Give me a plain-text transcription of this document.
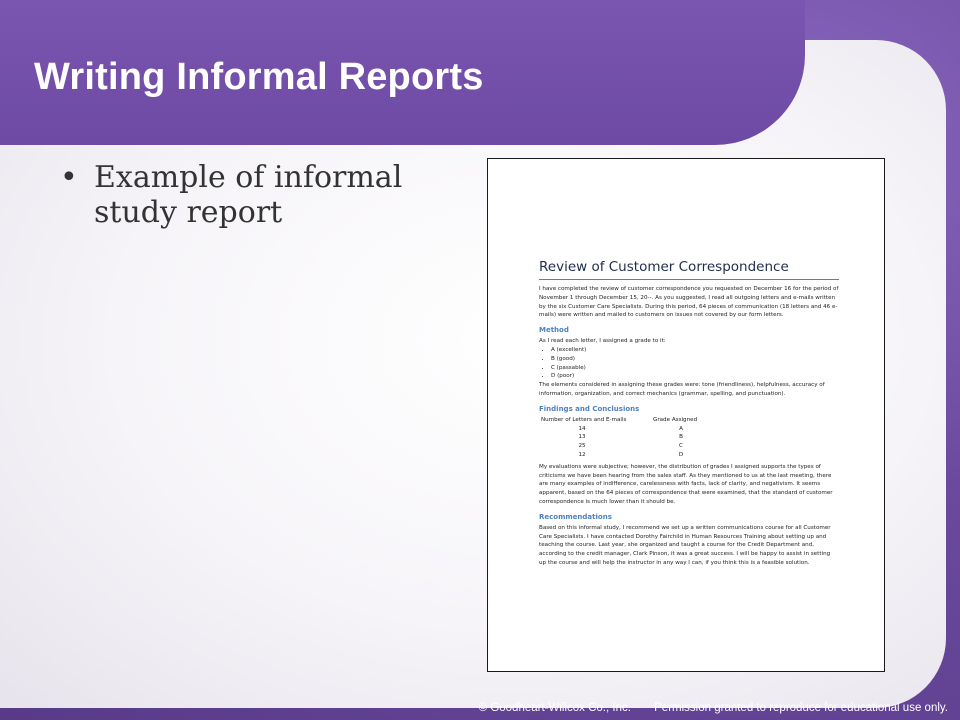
Writing Informal Reports
• Example of informal study report
Review of Customer Correspondence

I have completed the review of customer correspondence you requested on December 16 for the period of November 1 through December 15, 20--. As you suggested, I read all outgoing letters and e-mails written by the six Customer Care Specialists. During this period, 64 pieces of communication (18 letters and 46 e-mails) were written and mailed to customers on issues not covered by our form letters.

Method

As I read each letter, I assigned a grade to it:

• A (excellent)
• B (good)
• C (passable)
• D (poor)

The elements considered in assigning these grades were: tone (friendliness), helpfulness, accuracy of information, organization, and correct mechanics (grammar, spelling, and punctuation).

Findings and Conclusions
Number of Letters and E-mails	Grade Assigned
14	A
13	B
25	C
12	D

My evaluations were subjective; however, the distribution of grades I assigned supports the types of criticisms we have been hearing from the sales staff. As they mentioned to us at the last meeting, there are many examples of indifference, carelessness with facts, lack of clarity, and negativism. It seems apparent, based on the 64 pieces of correspondence that were examined, that the standard of customer correspondence is much lower than it should be.

Recommendations

Based on this informal study, I recommend we set up a written communications course for all Customer Care Specialists. I have contacted Dorothy Fairchild in Human Resources Training about setting up and teaching the course. Last year, she organized and taught a course for the Credit Department and, according to the credit manager, Clark Pinson, it was a great success. I will be happy to assist in setting up the course and will help the instructor in any way I can, if you think this is a feasible solution.

© Goodheart-Willcox Co., Inc. Permission granted to reproduce for educational use only.
